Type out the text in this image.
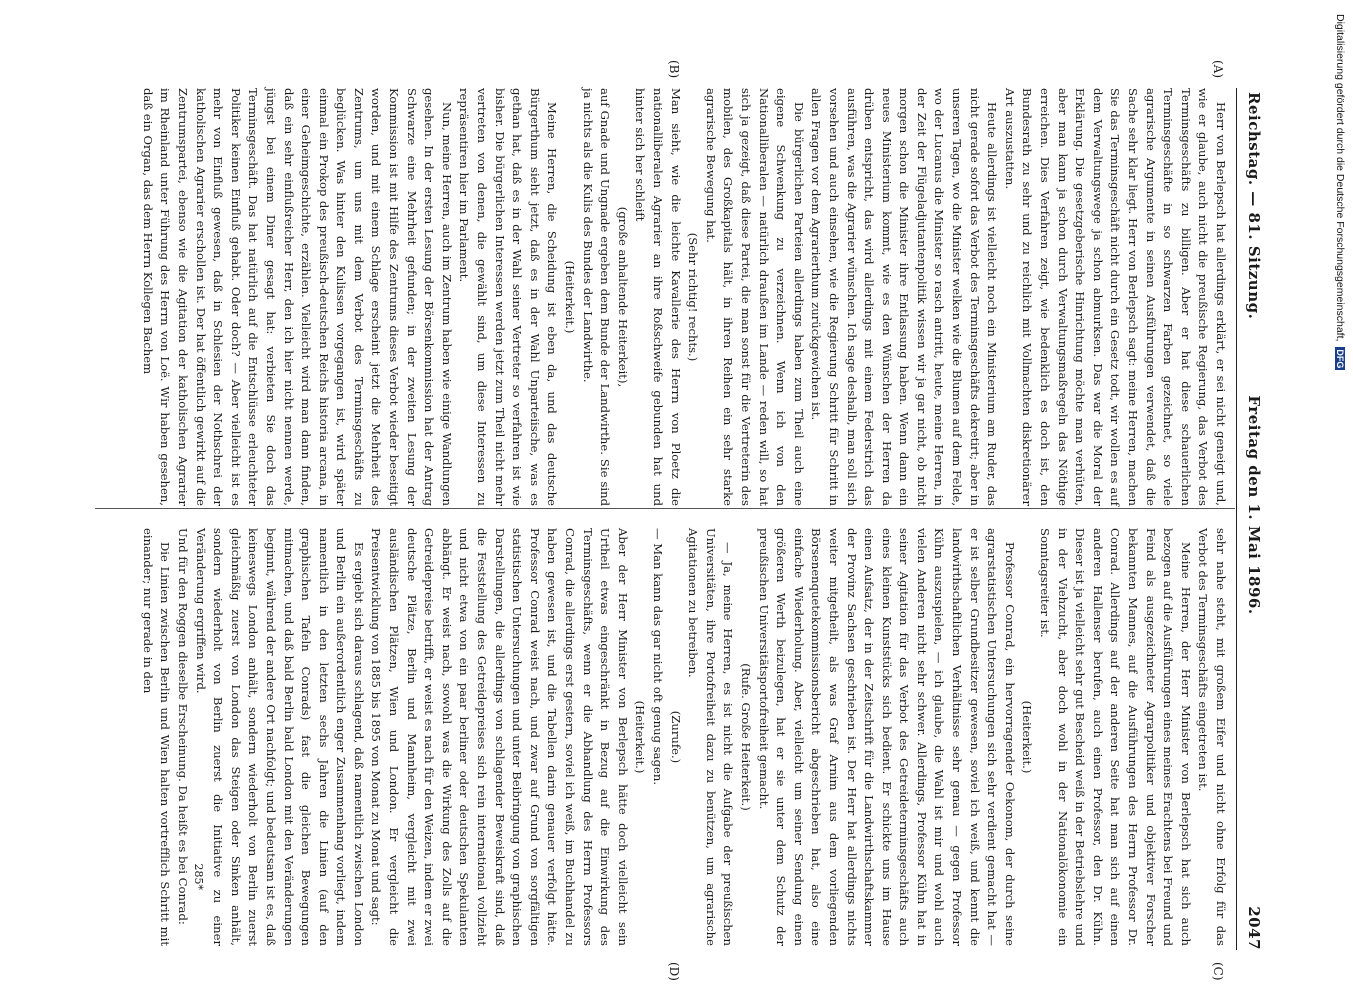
Reichstag. — 81. Sitzung.
Freitag den 1. Mai 1896.
2047
(A)
(B)
(C)
(D)

Herr von Berlepsch hat allerdings erklärt, er sei nicht geneigt und, wie er glaube, auch nicht die preußische Regierung, das Verbot des Terminsgeschäfts zu billigen. Aber er hat diese schauerlichen Terminsgeschäfte in so schwarzen Farben gezeichnet, so viele agrarische Argumente in seinen Ausführungen verwendet, daß die Sache sehr klar liegt. Herr von Berlepsch sagt: meine Herren, machen Sie das Terminsgeschäft nicht durch ein Gesetz todt, wir wollen es auf dem Verwaltungswege ja schon abmurksen. Das war die Moral der Erklärung. Die gesetzgeberische Hinrichtung möchte man verhüten, aber man kann ja schon durch Verwaltungsmaßregeln das Nöthige erreichen. Dies Verfahren zeigt, wie bedenklich es doch ist, den Bundesrath zu sehr und zu reichlich mit Vollmachten diskretionärer Art auszustatten.

Heute allerdings ist vielleicht noch ein Ministerium am Ruder, das nicht gerade sofort das Verbot des Terminsgeschäfts dekretirt; aber in unseren Tagen, wo die Minister welken wie die Blumen auf dem Felde, wo der Lucanus die Minister so rasch antritt, heute, meine Herren, in der Zeit der Flügeladjutantenpolitik wissen wir ja gar nicht, ob nicht morgen schon die Minister ihre Entlassung haben. Wenn dann ein neues Ministerium kommt, wie es den Wünschen der Herren da drüben entspricht, das wird allerdings mit einem Federstrich das ausführen, was die Agrarier wünschen. Ich sage deshalb, man soll sich vorsehen und auch einsehen, wie die Regierung Schritt für Schritt in allen Fragen vor dem Agrarierthum zurückgewichen ist.

Die bürgerlichen Parteien allerdings haben zum Theil auch eine eigene Schwenkung zu verzeichnen. Wenn ich von den Nationalliberalen — natürlich draußen im Lande — reden will, so hat sich ja gezeigt, daß diese Partei, die man sonst für die Vertreterin des mobilen, des Großkapitals hält, in ihren Reihen ein sehr starke agrarische Bewegung hat.

(Sehr richtig! rechts.)

Man sieht, wie die leichte Kavallerie des Herrn von Ploetz die nationalliberalen Agrarier an ihre Roßschweife gebunden hat und hinter sich her schleift

(große anhaltende Heiterkeit),

auf Gnade und Ungnade ergeben dem Bunde der Landwirthe. Sie sind ja nichts als die Kulis des Bundes der Landwirthe.

(Heiterkeit.)

Meine Herren, die Scheidung ist eben da, und das deutsche Bürgerthum sieht jetzt, daß es in der Wahl Unparteiische, was es gethan hat, daß es in der Wahl seiner Vertreter so verfahren ist wie bisher. Die bürgerlichen Interessen werden jetzt zum Theil nicht mehr vertreten von denen, die gewählt sind, um diese Interessen zu repräsentiren hier im Parlament.

Nun, meine Herren, auch im Zentrum haben wie einige Wandlungen gesehen. In der ersten Lesung der Börsenkommission hat der Antrag Schwarze eine Mehrheit gefunden; in der zweiten Lesung der Kommission ist mit Hilfe des Zentrums dieses Verbot wieder beseitigt worden, und mit einem Schlage erscheint jetzt die Mehrheit des Zentrums, um uns mit dem Verbot des Terminsgeschäfts zu beglücken. Was hinter den Kulissen vorgegangen ist, wird später einmal ein Prokop des preußisch-deutschen Reichs historia arcana, in einer Geheimgeschichte, erzählen. Vielleicht wird man dann finden, daß ein sehr einflußreicher Herr, den ich hier nicht nennen werde, jüngst bei einem Diner gesagt hat: verbieten Sie doch das Terminsgeschäft. Das hat natürlich auf die Entschlüsse erleuchteter Politiker keinen Einfluß gehabt. Oder doch? — Aber vielleicht ist es mehr von Einfluß gewesen, daß in Schlesien der Nothschrei der katholischen Agrarier erschollen ist. Der hat öffentlich gewirkt auf die Zentrumspartei, ebenso wie die Agitation der katholischen Agrarier im Rheinland unter Führung des Herrn von Loë. Wir haben gesehen, daß ein Organ, das dem Herrn Kollegen Bachem

sehr nahe steht, mit großem Eifer und nicht ohne Erfolg für das Verbot des Terminsgeschäfts eingetreten ist.

Meine Herren, der Herr Minister von Berlepsch hat sich auch bezogen auf die Ausführungen eines meines Erachtens bei Freund und Feind als ausgezeichneter Agrarpolitiker und objektiver Forscher bekannten Mannes, auf die Ausführungen des Herrn Professor Dr. Conrad. Allerdings auf der anderen Seite hat man sich auf einen anderen Hallenser berufen, auch einen Professor, den Dr. Kühn. Dieser ist ja vielleicht sehr gut Bescheid weiß in der Betriebslehre und in der Viehzucht, aber doch wohl in der Nationalökonomie ein Sonntagsreiter ist.

(Heiterkeit.)

Professor Conrad, ein hervorragender Oekonom, der durch seine agrarstatistischen Untersuchungen sich sehr verdient gemacht hat — er ist selber Grundbesitzer gewesen, soviel ich weiß, und kennt die landwirthschaftlichen Verhältnisse sehr genau — gegen Professor Kühn auszuspielen, — ich glaube, die Wahl ist mir und wohl auch vielen Anderen nicht sehr schwer. Allerdings, Professor Kühn hat in seiner Agitation für das Verbot des Getreideterminsgeschäfts auch eines kleinen Kunststücks sich bedient. Er schickte uns im Hause einen Aufsatz, der in der Zeitschrift für die Landwirthschaftskammer der Provinz Sachsen geschrieben ist. Der Herr hat allerdings nichts weiter mitgetheilt, als was Graf Arnim aus dem vorliegenden Börsenenquetekommissionsbericht abgeschrieben hat, also eine einfache Wiederholung. Aber, vielleicht um seiner Sendung einen größeren Werth beizulegen, hat er sie unter dem Schutz der preußischen Universitätsportofreiheit gemacht.

(Rufe. Große Heiterkeit.)

— Ja, meine Herren, es ist nicht die Aufgabe der preußischen Universitäten, ihre Portofreiheit dazu zu benützen, um agrarische Agitationen zu betreiben.

(Zurufe.)

— Man kann das gar nicht oft genug sagen.

(Heiterkeit.)

Aber der Herr Minister von Berlepsch hätte doch vielleicht sein Urtheil etwas eingeschränkt in Bezug auf die Einwirkung des Terminsgeschäfts, wenn er die Abhandlung des Herrn Professors Conrad, die allerdings erst gestern, soviel ich weiß, im Buchhandel zu haben gewesen ist, und die Tabellen darin genauer verfolgt hätte. Professor Conrad weist nach, und zwar auf Grund von sorgfältigen statistischen Untersuchungen und unter Beibringung von graphischen Darstellungen, die allerdings von schlagender Beweiskraft sind, daß die Feststellung des Getreidepreises sich rein international vollzieht und nicht etwa von ein paar berliner oder deutschen Spekulanten abhängt. Er weist nach, sowohl was die Wirkung des Zolls auf die Getreidepreise betrifft, er weist es nach für den Weizen, indem er zwei deutsche Plätze, Berlin und Mannheim, vergleicht mit zwei ausländischen Plätzen, Wien und London. Er vergleicht die Preisentwicklung von 1885 bis 1895 von Monat zu Monat und sagt:

Es ergiebt sich daraus schlagend, daß namentlich zwischen London und Berlin ein außerordentlich enger Zusammenhang vorliegt, indem namentlich in den letzten sechs Jahren die Linien (auf den graphischen Tafeln Conrads) fast die gleichen Bewegungen mitmachen, und daß bald Berlin bald London mit den Veränderungen beginnt, während der andere Ort nachfolgt; und bedeutsam ist es, daß keineswegs London anhält, sondern wiederholt von Berlin zuerst gleichmäßig zuerst von London das Steigen oder Sinken anhält, sondern wiederholt von Berlin zuerst die Initiative zu einer Veränderung ergriffen wird.

Und für den Roggen dieselbe Erscheinung. Da heißt es bei Conrad:

Die Linien zwischen Berlin und Wien halten vortrefflich Schritt mit einander; nur gerade in den

285*
Digitalisierung gefördert durch die Deutsche Forschungsgemeinschaft, DFG
